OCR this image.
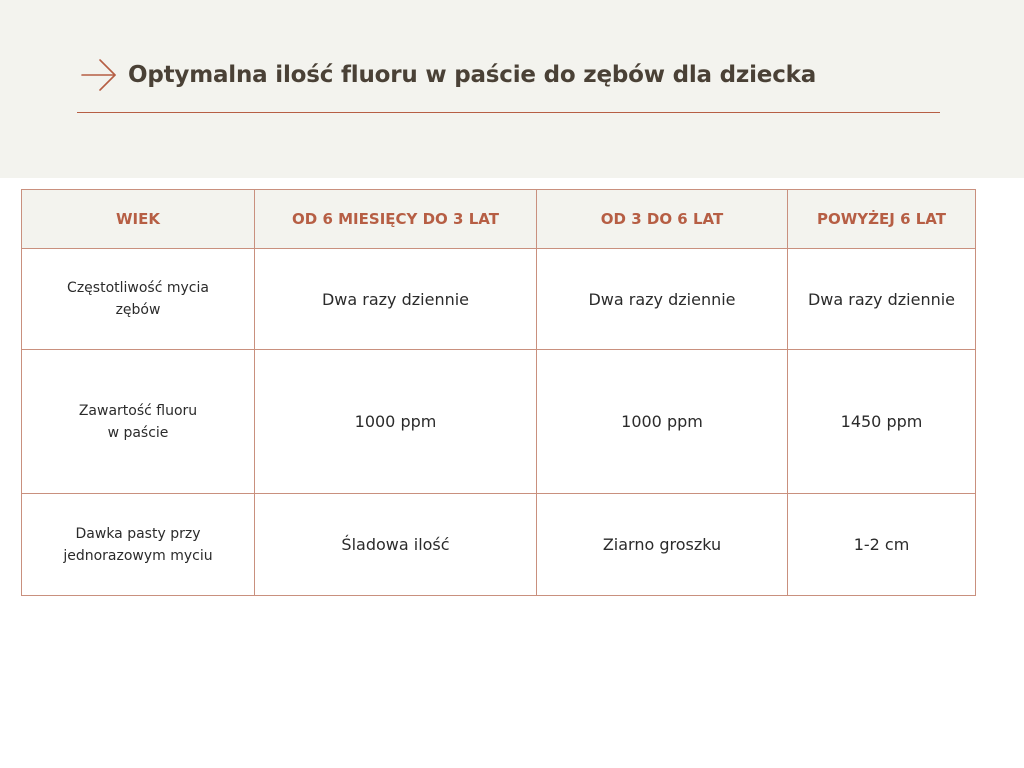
Optymalna ilość fluoru w paście do zębów dla dziecka
WIEK	OD 6 MIESIĘCY DO 3 LAT	OD 3 DO 6 LAT	POWYŻEJ 6 LAT

Częstotliwość mycia
zębów	Dwa razy dziennie	Dwa razy dziennie	Dwa razy dziennie

Zawartość fluoru
w paście	1000 ppm	1000 ppm	1450 ppm

Dawka pasty przy
jednorazowym myciu	Śladowa ilość	Ziarno groszku	1-2 cm
